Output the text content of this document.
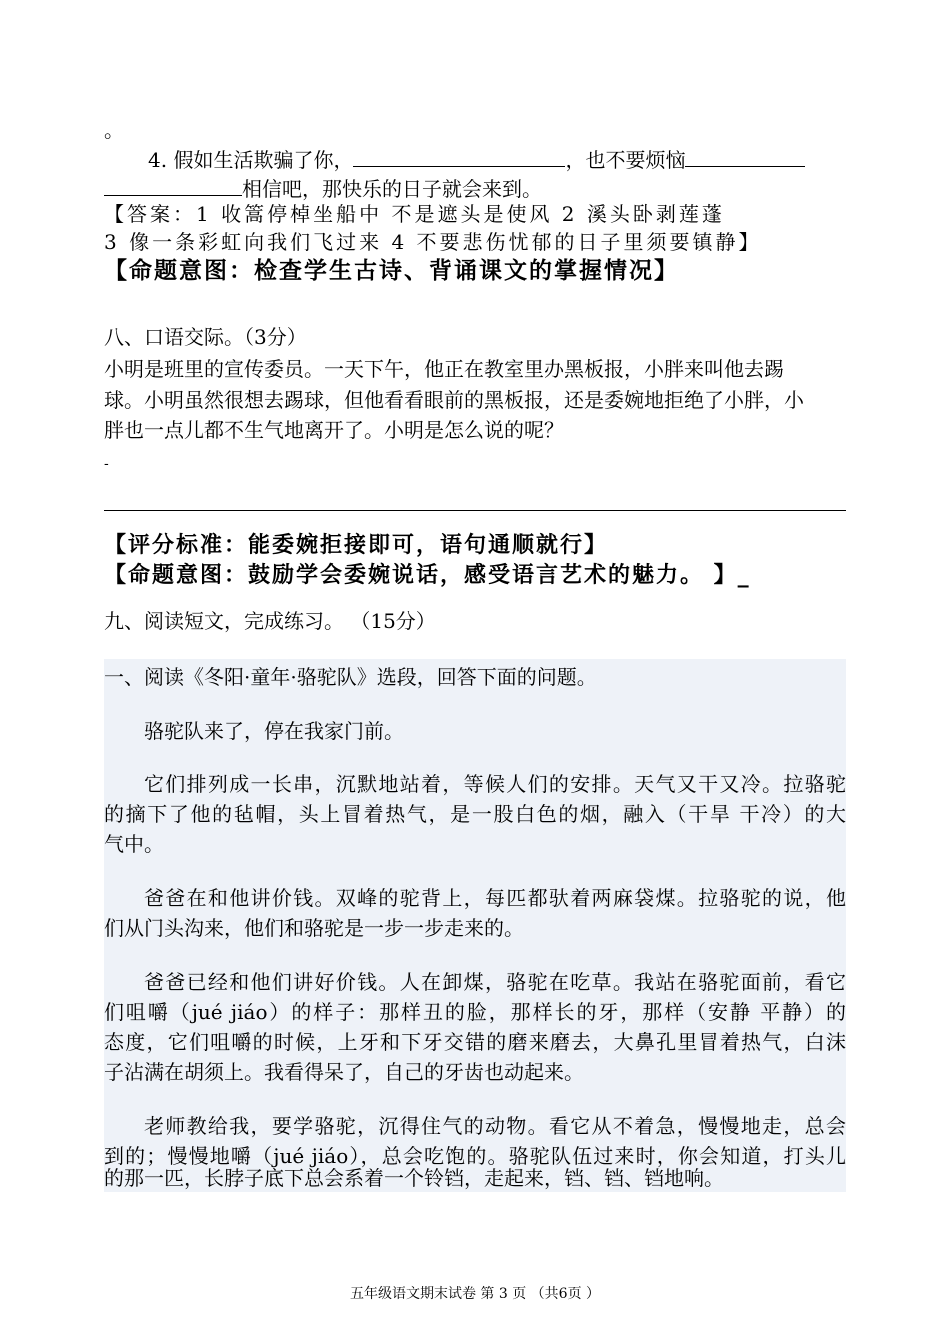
。
4. 假如生活欺骗了你，	，也不要烦恼
相信吧，那快乐的日子就会来到。
【答案：1 收篙停棹坐船中 不是遮头是使风 2 溪头卧剥莲蓬
3 像一条彩虹向我们飞过来 4 不要悲伤忧郁的日子里须要镇静】
【命题意图：检查学生古诗、背诵课文的掌握情况】
八、口语交际。（3分）
小明是班里的宣传委员。一天下午，他正在教室里办黑板报，小胖来叫他去踢
球。小明虽然很想去踢球，但他看看眼前的黑板报，还是委婉地拒绝了小胖，小
胖也一点儿都不生气地离开了。小明是怎么说的呢？
-
【评分标准：能委婉拒接即可，语句通顺就行】
【命题意图：鼓励学会委婉说话，感受语言艺术的魅力。 】_
九、阅读短文，完成练习。 （15分）
一、阅读《冬阳·童年·骆驼队》选段，回答下面的问题。
骆驼队来了，停在我家门前。
它们排列成一长串，沉默地站着，等候人们的安排。天气又干又冷。拉骆驼
的摘下了他的毡帽，头上冒着热气，是一股白色的烟，融入（干旱 干冷）的大
气中。
爸爸在和他讲价钱。双峰的驼背上，每匹都驮着两麻袋煤。拉骆驼的说，他
们从门头沟来，他们和骆驼是一步一步走来的。
爸爸已经和他们讲好价钱。人在卸煤，骆驼在吃草。我站在骆驼面前，看它
们咀嚼（jué jiáo）的样子：那样丑的脸，那样长的牙，那样（安静 平静）的
态度，它们咀嚼的时候，上牙和下牙交错的磨来磨去，大鼻孔里冒着热气，白沫
子沾满在胡须上。我看得呆了，自己的牙齿也动起来。
老师教给我，要学骆驼，沉得住气的动物。看它从不着急，慢慢地走，总会
到的；慢慢地嚼（jué jiáo），总会吃饱的。骆驼队伍过来时，你会知道，打头儿
的那一匹，长脖子底下总会系着一个铃铛，走起来，铛、铛、铛地响。
五年级语文期末试卷 第 3 页 （共6页 ）
